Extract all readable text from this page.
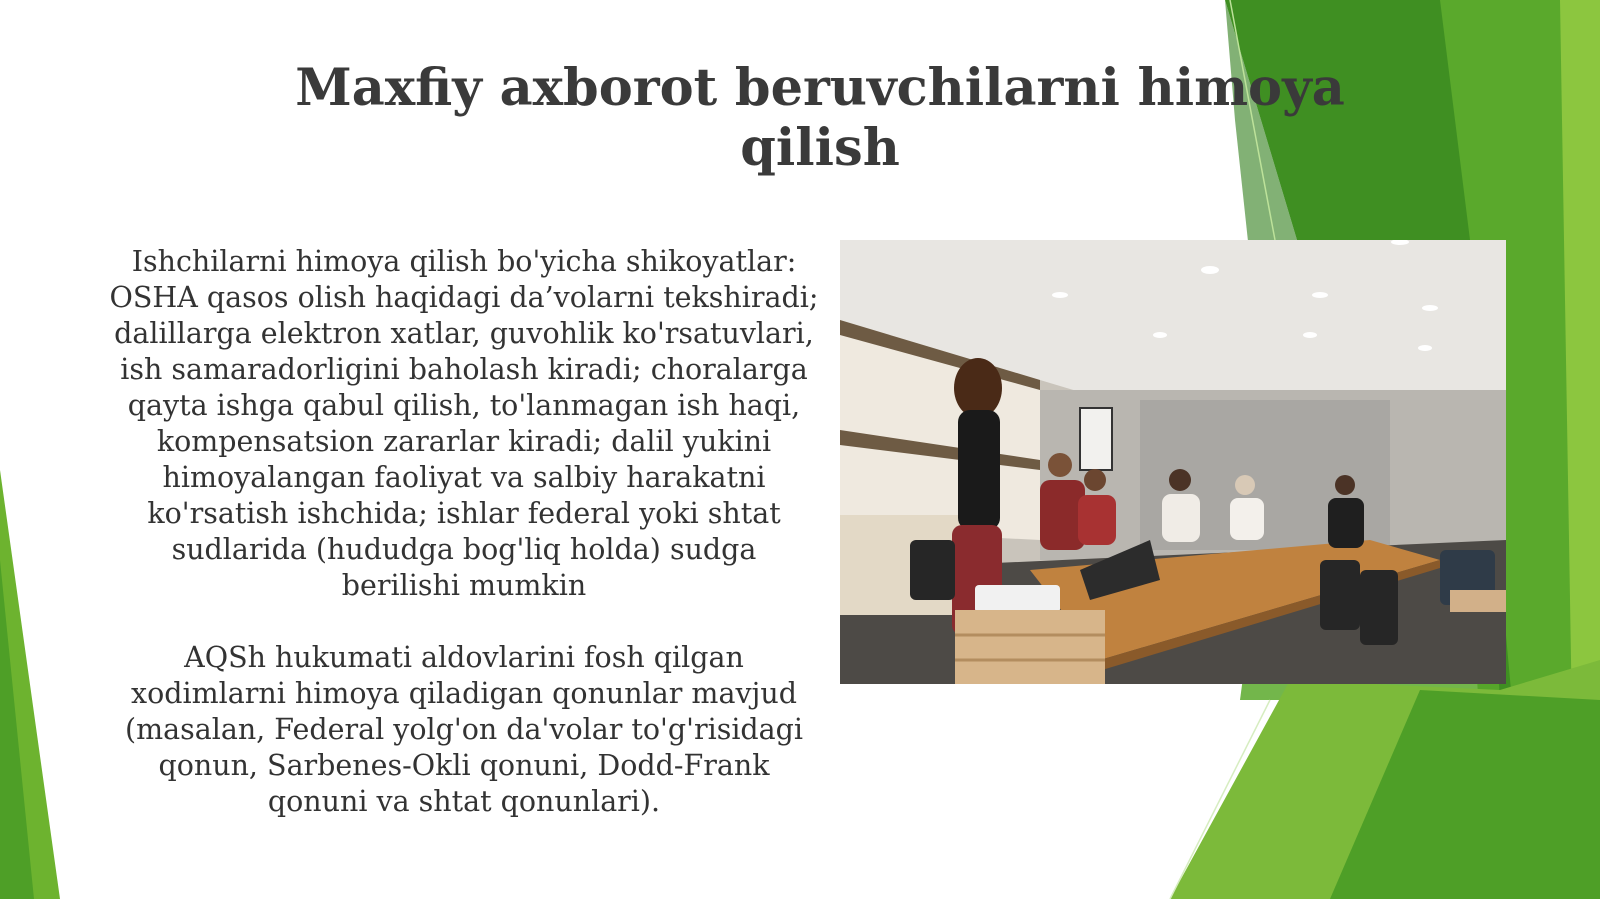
Maxfiy axborot beruvchilarni himoya qilish

Ishchilarni himoya qilish bo'yicha shikoyatlar: OSHA qasos olish haqidagi da’volarni tekshiradi; dalillarga elektron xatlar, guvohlik ko'rsatuvlari, ish samaradorligini baholash kiradi; choralarga qayta ishga qabul qilish, to'lanmagan ish haqi, kompensatsion zararlar kiradi; dalil yukini himoyalangan faoliyat va salbiy harakatni ko'rsatish ishchida; ishlar federal yoki shtat sudlarida (hududga bog'liq holda) sudga berilishi mumkin

AQSh hukumati aldovlarini fosh qilgan xodimlarni himoya qiladigan qonunlar mavjud (masalan, Federal yolg'on da'volar to'g'risidagi qonun, Sarbenes-Okli qonuni, Dodd-Frank qonuni va shtat qonunlari).
